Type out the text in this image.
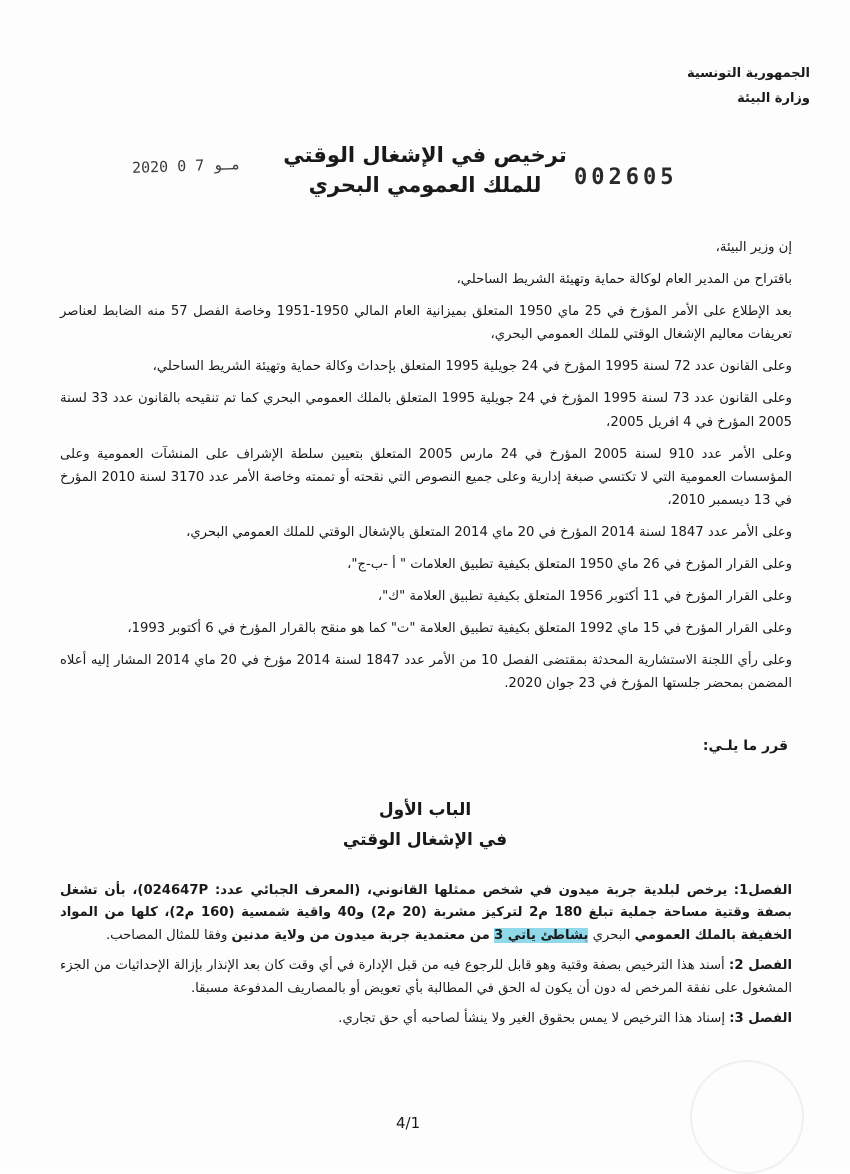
الجمهورية التونسية
وزارة البيئة
ترخيص في الإشغال الوقتي
للملك العمومي البحري	002605
2020 0 7 مـو

إن وزير البيئة،

باقتراح من المدير العام لوكالة حماية وتهيئة الشريط الساحلي،

بعد الإطلاع على الأمر المؤرخ في 25 ماي 1950 المتعلق بميزانية العام المالي 1950-1951 وخاصة الفصل 57 منه الضابط لعناصر تعريفات معاليم الإشغال الوقتي للملك العمومي البحري،

وعلى القانون عدد 72 لسنة 1995 المؤرخ في 24 جويلية 1995 المتعلق بإحداث وكالة حماية وتهيئة الشريط الساحلي،

وعلى القانون عدد 73 لسنة 1995 المؤرخ في 24 جويلية 1995 المتعلق بالملك العمومي البحري كما تم تنقيحه بالقانون عدد 33 لسنة 2005 المؤرخ في 4 افريل 2005،

وعلى الأمر عدد 910 لسنة 2005 المؤرخ في 24 مارس 2005 المتعلق بتعيين سلطة الإشراف على المنشآت العمومية وعلى المؤسسات العمومية التي لا تكتسي صبغة إدارية وعلى جميع النصوص التي نقحته أو تممته وخاصة الأمر عدد 3170 لسنة 2010 المؤرخ في 13 ديسمبر 2010،

وعلى الأمر عدد 1847 لسنة 2014 المؤرخ في 20 ماي 2014 المتعلق بالإشغال الوقتي للملك العمومي البحري،

وعلى القرار المؤرخ في 26 ماي 1950 المتعلق بكيفية تطبيق العلامات " أ -ب-ج"،

وعلى القرار المؤرخ في 11 أكتوبر 1956 المتعلق بكيفية تطبيق العلامة "ك"،

وعلى القرار المؤرخ في 15 ماي 1992 المتعلق بكيفية تطبيق العلامة "ت" كما هو منقح بالقرار المؤرخ في 6 أكتوبر 1993،

وعلى رأي اللجنة الاستشارية المحدثة بمقتضى الفصل 10 من الأمر عدد 1847 لسنة 2014 مؤرخ في 20 ماي 2014 المشار إليه أعلاه المضمن بمحضر جلستها المؤرخ في 23 جوان 2020.

قرر ما يلـي:
الباب الأول
في الإشغال الوقتي

الفصل1: يرخص لبلدية جربة ميدون في شخص ممثلها القانوني، (المعرف الجبائي عدد: 024647P)، بأن تشغل بصفة وقتية مساحة جملية تبلغ 180 م2 لتركيز مشربة (20 م2) و40 واقية شمسية (160 م2)، كلها من المواد الخفيفة بالملك العمومي البحري بشاطئ ياتي 3 من معتمدية جربة ميدون من ولاية مدنين وفقا للمثال المصاحب.

الفصل 2: أسند هذا الترخيص بصفة وقتية وهو قابل للرجوع فيه من قبل الإدارة في أي وقت كان بعد الإنذار بإزالة الإحداثيات من الجزء المشغول على نفقة المرخص له دون أن يكون له الحق في المطالبة بأي تعويض أو بالمصاريف المدفوعة مسبقا.

الفصل 3: إسناد هذا الترخيص لا يمس بحقوق الغير ولا ينشأ لصاحبه أي حق تجاري.

4/1
